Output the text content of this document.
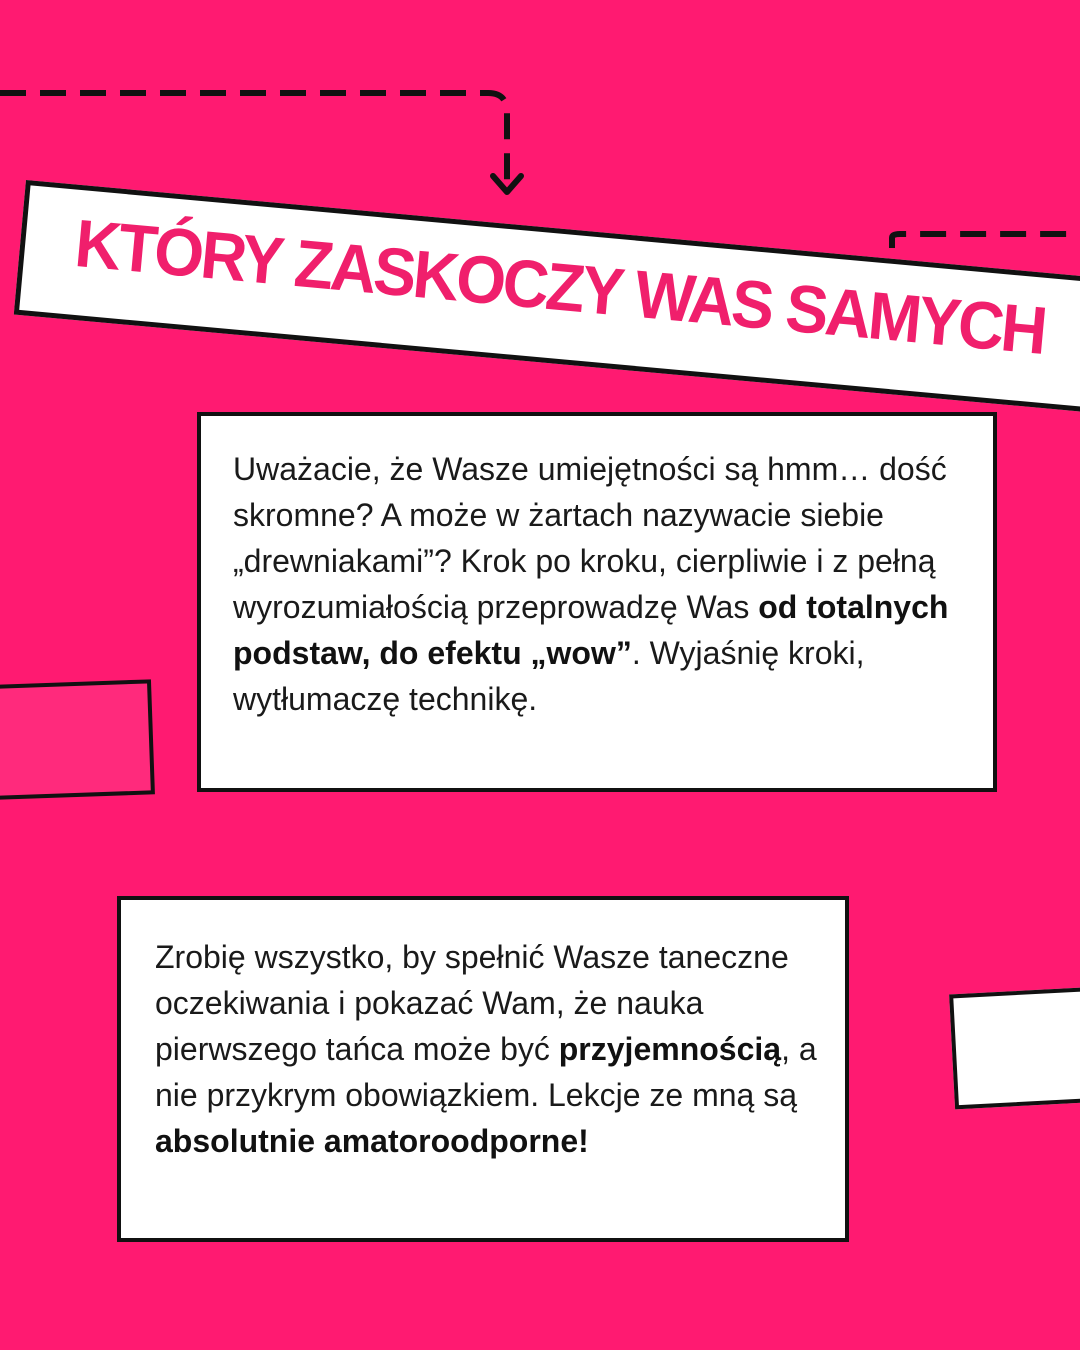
KTÓRY ZASKOCZY WAS SAMYCH

Uważacie, że Wasze umiejętności są hmm… dość skromne? A może w żartach nazywacie siebie „drewniakami”? Krok po kroku, cierpliwie i z pełną wyrozumiałością przeprowadzę Was od totalnych podstaw, do efektu „wow”. Wyjaśnię kroki, wytłumaczę technikę.

Zrobię wszystko, by spełnić Wasze taneczne oczekiwania i pokazać Wam, że nauka pierwszego tańca może być przyjemnością, a nie przykrym obowiązkiem. Lekcje ze mną są absolutnie amatoroodporne!
